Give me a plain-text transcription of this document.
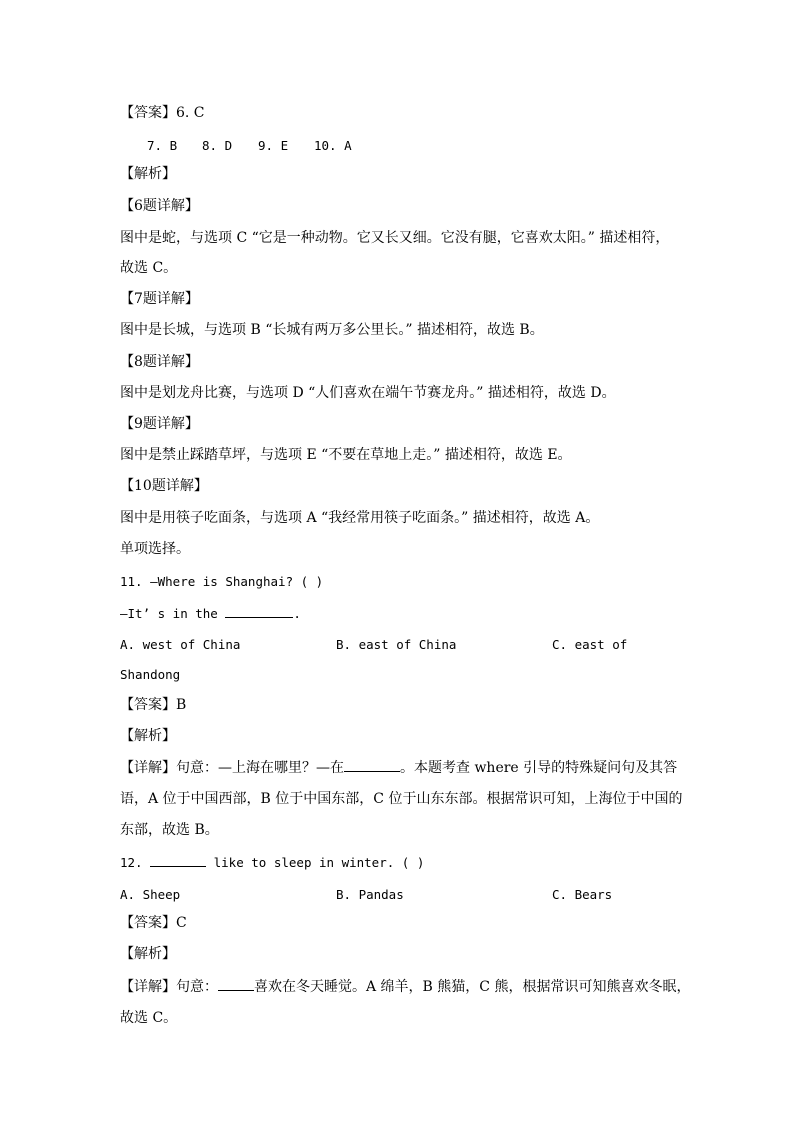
【答案】6. C
7. B 8. D 9. E 10. A
【解析】
【6题详解】
图中是蛇，与选项 C “它是一种动物。它又长又细。它没有腿，它喜欢太阳。” 描述相符，
故选 C。
【7题详解】
图中是长城，与选项 B “长城有两万多公里长。” 描述相符，故选 B。
【8题详解】
图中是划龙舟比赛，与选项 D “人们喜欢在端午节赛龙舟。” 描述相符，故选 D。
【9题详解】
图中是禁止踩踏草坪，与选项 E “不要在草地上走。” 描述相符，故选 E。
【10题详解】
图中是用筷子吃面条，与选项 A “我经常用筷子吃面条。” 描述相符，故选 A。
单项选择。
11. —Where is Shanghai? ( )
—It’ s in the	.
A. west of China	B. east of China	C. east of
Shandong
【答案】B
【解析】
【详解】句意：—上海在哪里？—在	。本题考查 where 引导的特殊疑问句及其答
语，A 位于中国西部，B 位于中国东部，C 位于山东东部。根据常识可知，上海位于中国的
东部，故选 B。
12.	like to sleep in winter. ( )
A. Sheep	B. Pandas	C. Bears
【答案】C
【解析】
【详解】句意：	喜欢在冬天睡觉。A 绵羊，B 熊猫，C 熊，根据常识可知熊喜欢冬眠，
故选 C。
